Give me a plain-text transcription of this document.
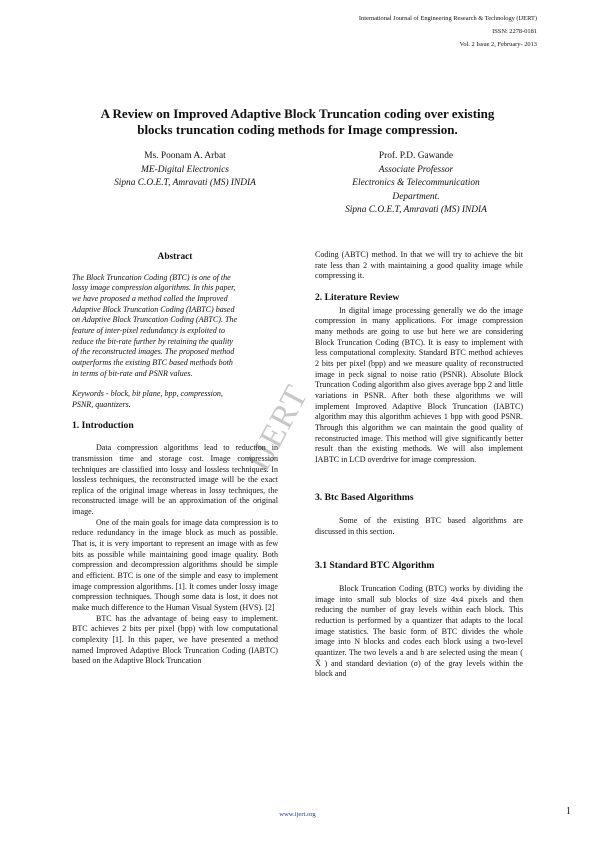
International Journal of Engineering Research & Technology (IJERT)
ISSN: 2278-0181
Vol. 2 Issue 2, February- 2013
A Review on Improved Adaptive Block Truncation coding over existing
blocks truncation coding methods for Image compression.
Ms. Poonam A. Arbat
ME-Digital Electronics
Sipna C.O.E.T, Amravati (MS) INDIA
Prof. P.D. Gawande
Associate Professor
Electronics & Telecommunication
Department.
Sipna C.O.E.T, Amravati (MS) INDIA
IJERT
Abstract
The Block Truncation Coding (BTC) is one of the
lossy image compression algorithms. In this paper,
we have proposed a method called the Improved
Adaptive Block Truncation Coding (IABTC) based
on Adaptive Block Truncation Coding (ABTC). The
feature of inter-pixel redundancy is exploited to
reduce the bit-rate further by retaining the quality
of the reconstructed images. The proposed method
outperforms the existing BTC based methods both
in terms of bit-rate and PSNR values.
Keywords - block, bit plane, bpp, compression,
PSNR, quantizers.
1. Introduction

Data compression algorithms lead to reduction in transmission time and storage cost. Image compression techniques are classified into lossy and lossless techniques. In lossless techniques, the reconstructed image will be the exact replica of the original image whereas in lossy techniques, the reconstructed image will be an approximation of the original image.

One of the main goals for image data compression is to reduce redundancy in the image block as much as possible. That is, it is very important to represent an image with as few bits as possible while maintaining good image quality. Both compression and decompression algorithms should be simple and efficient. BTC is one of the simple and easy to implement image compression algorithms. [1]. It comes under lossy image compression techniques. Though some data is lost, it does not make much difference to the Human Visual System (HVS). [2]

BTC has the advantage of being easy to implement. BTC achieves 2 bits per pixel (bpp) with low computational complexity [1]. In this paper, we have presented a method named Improved Adaptive Block Truncation Coding (IABTC) based on the Adaptive Block Truncation

Coding (ABTC) method. In that we will try to achieve the bit rate less than 2 with maintaining a good quality image while compressing it.

2. Literature Review

In digital image processing generally we do the image compression in many applications. For image compression many methods are going to use but here we are considering Block Truncation Coding (BTC). It is easy to implement with less computational complexity. Standard BTC method achieves 2 bits per pixel (bpp) and we measure quality of reconstructed image in peck signal to noise ratio (PSNR). Absolute Block Truncation Coding algorithm also gives average bpp 2 and little variations in PSNR. After both these algorithms we will implement Improved Adaptive Block Truncation (IABTC) algorithm may this algorithm achieves 1 bpp with good PSNR. Through this algorithm we can maintain the good quality of reconstructed image. This method will give significantly better result than the existing methods. We will also implement IABTC in LCD overdrive for image compression.

3. Btc Based Algorithms

Some of the existing BTC based algorithms are discussed in this section.

3.1 Standard BTC Algorithm

Block Truncation Coding (BTC) works by dividing the image into small sub blocks of size 4x4 pixels and then reducing the number of gray levels within each block. This reduction is performed by a quantizer that adapts to the local image statistics. The basic form of BTC divides the whole image into N blocks and codes each block using a two-level quantizer. The two levels a and b are selected using the mean ( X̄ ) and standard deviation (σ) of the gray levels within the block and

www.ijert.org	1
